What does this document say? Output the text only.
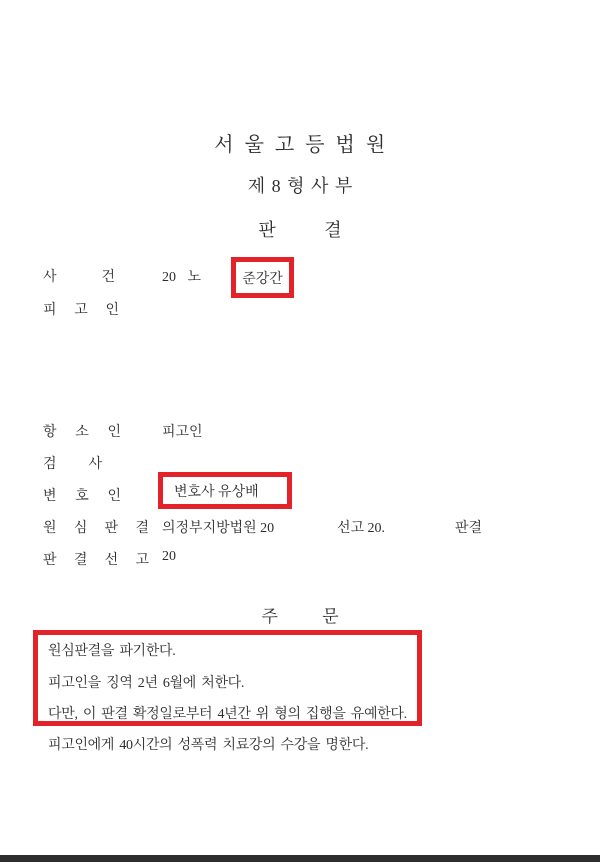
서 울 고 등 법 원
제 8 형 사 부
판 결
사 건	20 노	준강간
피 고 인
항 소 인	피고인
검 사
변 호 인	변호사 유상배
원 심 판 결 의정부지방법원 20	선고 20.	판결
판 결 선 고 20
주 문
원심판결을 파기한다.
피고인을 징역 2년 6월에 처한다.
다만, 이 판결 확정일로부터 4년간 위 형의 집행을 유예한다.
피고인에게 40시간의 성폭력 치료강의 수강을 명한다.
